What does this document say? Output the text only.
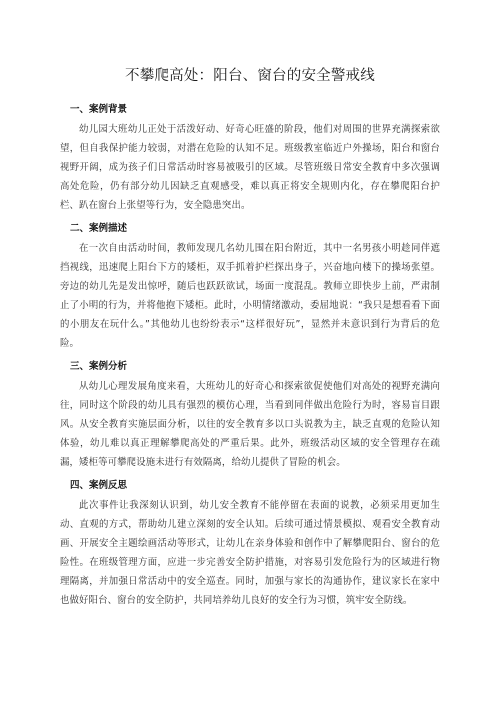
不攀爬高处：阳台、窗台的安全警戒线
一、案例背景

幼儿园大班幼儿正处于活泼好动、好奇心旺盛的阶段，他们对周围的世界充满探索欲望，但自我保护能力较弱，对潜在危险的认知不足。班级教室临近户外操场，阳台和窗台视野开阔，成为孩子们日常活动时容易被吸引的区域。尽管班级日常安全教育中多次强调高处危险，仍有部分幼儿因缺乏直观感受，难以真正将安全规则内化，存在攀爬阳台护栏、趴在窗台上张望等行为，安全隐患突出。

二、案例描述

在一次自由活动时间，教师发现几名幼儿围在阳台附近，其中一名男孩小明趁同伴遮挡视线，迅速爬上阳台下方的矮柜，双手抓着护栏探出身子，兴奋地向楼下的操场张望。旁边的幼儿先是发出惊呼，随后也跃跃欲试，场面一度混乱。教师立即快步上前，严肃制止了小明的行为，并将他抱下矮柜。此时，小明情绪激动，委屈地说：“我只是想看看下面的小朋友在玩什么。”其他幼儿也纷纷表示“这样很好玩”，显然并未意识到行为背后的危险。

三、案例分析

从幼儿心理发展角度来看，大班幼儿的好奇心和探索欲促使他们对高处的视野充满向往，同时这个阶段的幼儿具有强烈的模仿心理，当看到同伴做出危险行为时，容易盲目跟风。从安全教育实施层面分析，以往的安全教育多以口头说教为主，缺乏直观的危险认知体验，幼儿难以真正理解攀爬高处的严重后果。此外，班级活动区域的安全管理存在疏漏，矮柜等可攀爬设施未进行有效隔离，给幼儿提供了冒险的机会。

四、案例反思

此次事件让我深刻认识到，幼儿安全教育不能停留在表面的说教，必须采用更加生动、直观的方式，帮助幼儿建立深刻的安全认知。后续可通过情景模拟、观看安全教育动画、开展安全主题绘画活动等形式，让幼儿在亲身体验和创作中了解攀爬阳台、窗台的危险性。在班级管理方面，应进一步完善安全防护措施，对容易引发危险行为的区域进行物理隔离，并加强日常活动中的安全巡查。同时，加强与家长的沟通协作，建议家长在家中也做好阳台、窗台的安全防护，共同培养幼儿良好的安全行为习惯，筑牢安全防线。
